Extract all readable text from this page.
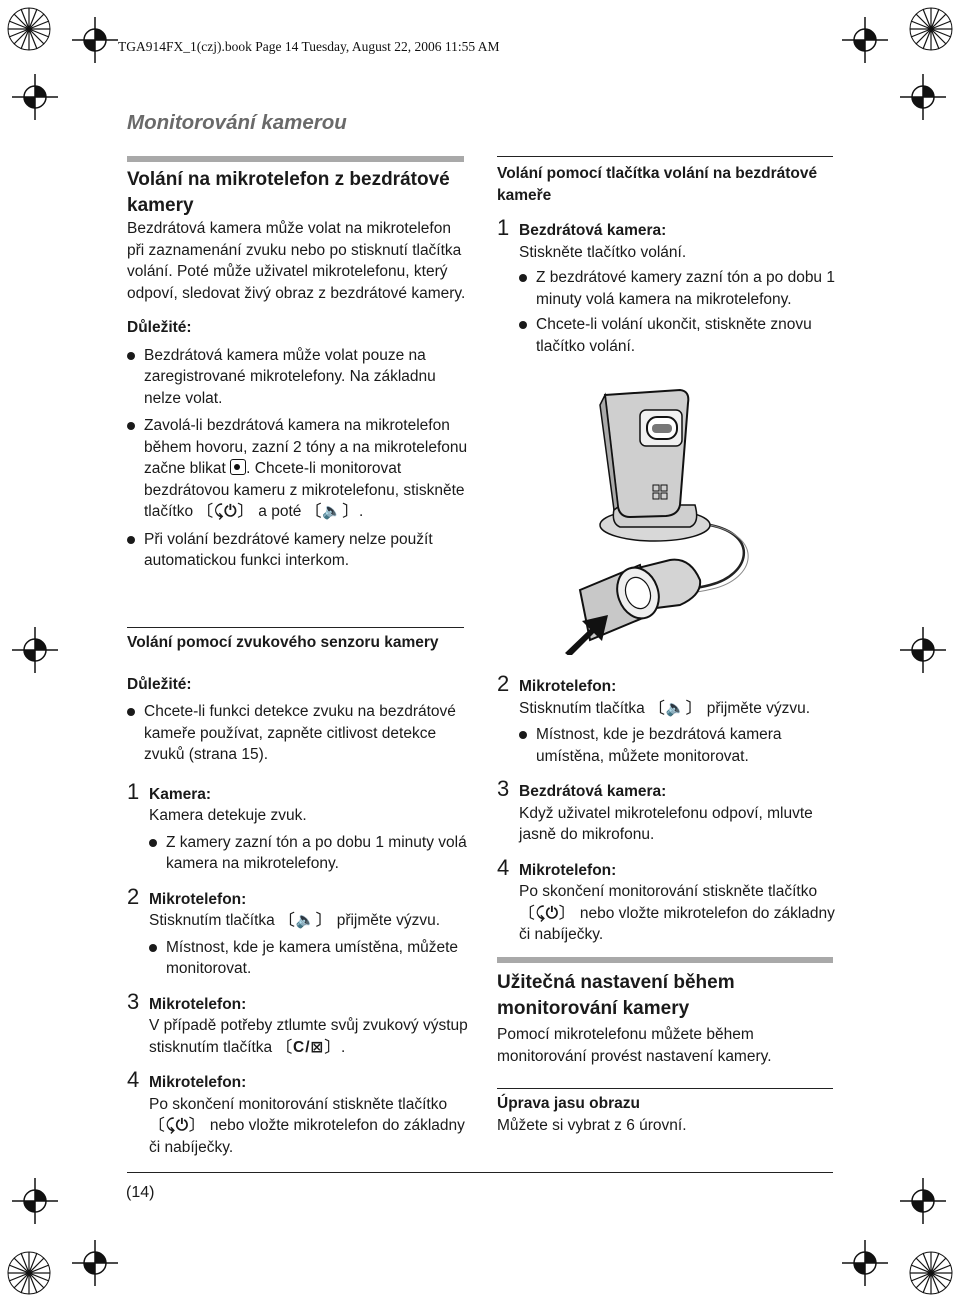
TGA914FX_1(czj).book Page 14 Tuesday, August 22, 2006 11:55 AM
Monitorování kamerou

Volání na mikrotelefon z bezdrátové kamery

Bezdrátová kamera může volat na mikrotelefon při zaznamenání zvuku nebo po stisknutí tlačítka volání. Poté může uživatel mikrotelefonu, který odpoví, sledovat živý obraz z bezdrátové kamery.

Důležité:

Bezdrátová kamera může volat pouze na zaregistrované mikrotelefony. Na základnu nelze volat.

Zavolá-li bezdrátová kamera na mikrotelefon během hovoru, zazní 2 tóny a na mikrotelefonu začne blikat . Chcete-li monitorovat bezdrátovou kameru z mikrotelefonu, stiskněte tlačítko 〔⤹⏻〕 a poté 〔🔈〕.

Při volání bezdrátové kamery nelze použít automatickou funkci interkom.

Volání pomocí zvukového senzoru kamery

Důležité:

Chcete-li funkci detekce zvuku na bezdrátové kameře používat, zapněte citlivost detekce zvuků (strana 15).

1 Kamera:

Kamera detekuje zvuk.

Z kamery zazní tón a po dobu 1 minuty volá kamera na mikrotelefony.

2 Mikrotelefon:

Stisknutím tlačítka 〔🔈〕 přijměte výzvu.

Místnost, kde je kamera umístěna, můžete monitorovat.

3 Mikrotelefon:

V případě potřeby ztlumte svůj zvukový výstup stisknutím tlačítka 〔C/⊠〕.

4 Mikrotelefon:

Po skončení monitorování stiskněte tlačítko 〔⤹⏻〕 nebo vložte mikrotelefon do základny či nabíječky.

Volání pomocí tlačítka volání na bezdrátové kameře

1 Bezdrátová kamera:

Stiskněte tlačítko volání.

Z bezdrátové kamery zazní tón a po dobu 1 minuty volá kamera na mikrotelefony.

Chcete-li volání ukončit, stiskněte znovu tlačítko volání.

2 Mikrotelefon:

Stisknutím tlačítka 〔🔈〕 přijměte výzvu.

Místnost, kde je bezdrátová kamera umístěna, můžete monitorovat.

3 Bezdrátová kamera:

Když uživatel mikrotelefonu odpoví, mluvte jasně do mikrofonu.

4 Mikrotelefon:

Po skončení monitorování stiskněte tlačítko 〔⤹⏻〕 nebo vložte mikrotelefon do základny či nabíječky.

Užitečná nastavení během monitorování kamery

Pomocí mikrotelefonu můžete během monitorování provést nastavení kamery.

Úprava jasu obrazu

Můžete si vybrat z 6 úrovní.

(14)
